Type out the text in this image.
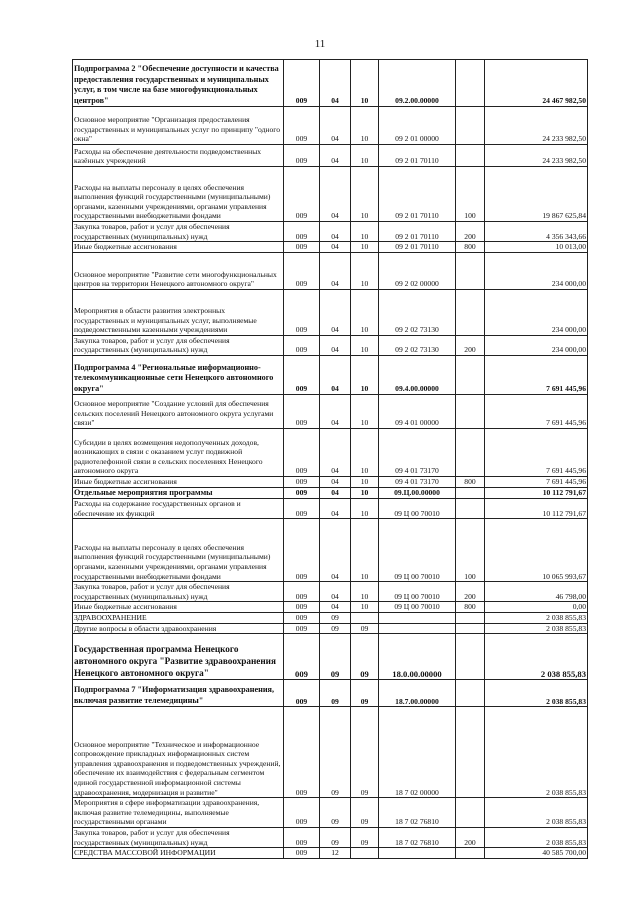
11
Подпрограмма 2 "Обеспечение доступности и качества предоставления государственных и муниципальных услуг, в том числе на базе многофункциональных центров"	009	04	10	09.2.00.00000		24 467 982,50
Основное мероприятие "Организация предоставления государственных и муниципальных услуг по принципу "одного окна"	009	04	10	09 2 01 00000		24 233 982,50
Расходы на обеспечение деятельности подведомственных казённых учреждений	009	04	10	09 2 01 70110		24 233 982,50
Расходы на выплаты персоналу в целях обеспечения выполнения функций государственными (муниципальными) органами, казенными учреждениями, органами управления государственными внебюджетными фондами	009	04	10	09 2 01 70110	100	19 867 625,84
Закупка товаров, работ и услуг для обеспечения государственных (муниципальных) нужд	009	04	10	09 2 01 70110	200	4 356 343,66
Иные бюджетные ассигнования	009	04	10	09 2 01 70110	800	10 013,00
Основное мероприятие "Развитие сети многофункциональных центров на территории Ненецкого автономного округа"	009	04	10	09 2 02 00000		234 000,00
Мероприятия в области развития электронных государственных и муниципальных услуг, выполняемые подведомственными казенными учреждениями	009	04	10	09 2 02 73130		234 000,00
Закупка товаров, работ и услуг для обеспечения государственных (муниципальных) нужд	009	04	10	09 2 02 73130	200	234 000,00
Подпрограмма 4 "Региональные информационно-телекоммуникационные сети Ненецкого автономного округа"	009	04	10	09.4.00.00000		7 691 445,96
Основное мероприятие "Создание условий для обеспечения сельских поселений Ненецкого автономного округа услугами связи"	009	04	10	09 4 01 00000		7 691 445,96
Субсидии в целях возмещения недополученных доходов, возникающих в связи с оказанием услуг подвижной радиотелефонной связи в сельских поселениях Ненецкого автономного округа	009	04	10	09 4 01 73170		7 691 445,96
Иные бюджетные ассигнования	009	04	10	09 4 01 73170	800	7 691 445,96
Отдельные мероприятия программы	009	04	10	09.Ц.00.00000		10 112 791,67
Расходы на содержание государственных органов и обеспечение их функций	009	04	10	09 Ц 00 70010		10 112 791,67
Расходы на выплаты персоналу в целях обеспечения выполнения функций государственными (муниципальными) органами, казенными учреждениями, органами управления государственными внебюджетными фондами	009	04	10	09 Ц 00 70010	100	10 065 993,67
Закупка товаров, работ и услуг для обеспечения государственных (муниципальных) нужд	009	04	10	09 Ц 00 70010	200	46 798,00
Иные бюджетные ассигнования	009	04	10	09 Ц 00 70010	800	0,00
ЗДРАВООХРАНЕНИЕ	009	09				2 038 855,83
Другие вопросы в области здравоохранения	009	09	09			2 038 855,83
Государственная программа Ненецкого автономного округа "Развитие здравоохранения Ненецкого автономного округа"	009	09	09	18.0.00.00000		2 038 855,83
Подпрограмма 7 "Информатизация здравоохранения, включая развитие телемедицины"	009	09	09	18.7.00.00000		2 038 855,83
Основное мероприятие "Техническое и информационное сопровождение прикладных информационных систем управления здравоохранения и подведомственных учреждений, обеспечение их взаимодействия с федеральным сегментом единой государственной информационной системы здравоохранения, модернизация и развитие"	009	09	09	18 7 02 00000		2 038 855,83
Мероприятия в сфере информатизации здравоохранения, включая развитие телемедицины, выполняемые государственными органами	009	09	09	18 7 02 76810		2 038 855,83
Закупка товаров, работ и услуг для обеспечения государственных (муниципальных) нужд	009	09	09	18 7 02 76810	200	2 038 855,83
СРЕДСТВА МАССОВОЙ ИНФОРМАЦИИ	009	12				40 585 700,00
